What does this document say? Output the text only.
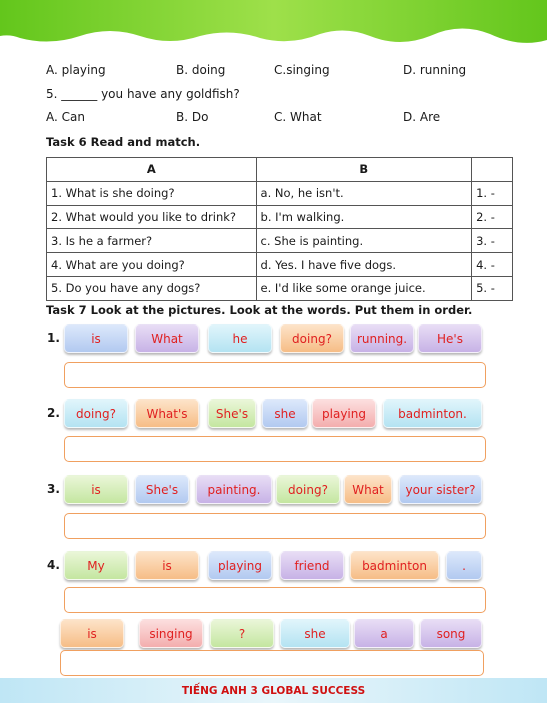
A. playing	B. doing	C.singing	D. running
5. ______ you have any goldfish?
A. Can	B. Do	C. What	D. Are
Task 6 Read and match.
A	B	
1. What is she doing?	a. No, he isn't.	1. -
2. What would you like to drink?	b. I'm walking.	2. -
3. Is he a farmer?	c. She is painting.	3. -
4. What are you doing?	d. Yes. I have five dogs.	4. -
5. Do you have any dogs?	e. I'd like some orange juice.	5. -
Task 7 Look at the pictures. Look at the words. Put them in order.
1.	is	What	he	doing?	running.	He's
2.	doing?	What's	She's	she	playing	badminton.
3.	is	She's	painting.	doing?	What	your sister?
4.	My	is	playing	friend	badminton	.
is	singing	?	she	a	song
TIẾNG ANH 3 GLOBAL SUCCESS
